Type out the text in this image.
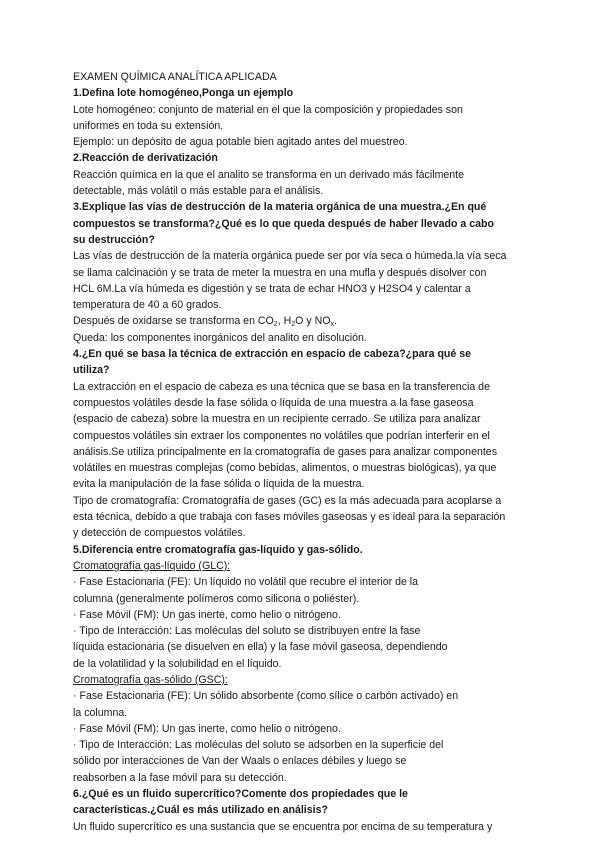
EXAMEN QUÍMICA ANALÍTICA APLICADA
1.Defina lote homogéneo,Ponga un ejemplo
Lote homogéneo: conjunto de material en el que la composición y propiedades son
uniformes en toda su extensión.
Ejemplo: un depósito de agua potable bien agitado antes del muestreo.
2.Reacción de derivatización
Reacción química en la que el analito se transforma en un derivado más fácilmente
detectable, más volátil o más estable para el análisis.
3.Explique las vías de destrucción de la materia orgánica de una muestra.¿En qué
compuestos se transforma?¿Qué es lo que queda después de haber llevado a cabo
su destrucción?
Las vías de destrucción de la materia orgánica puede ser por vía seca o húmeda.la vía seca
se llama calcinación y se trata de meter la muestra en una mufla y después disolver con
HCL 6M.La vía húmeda es digestión y se trata de echar HNO3 y H2SO4 y calentar a
temperatura de 40 a 60 grados.
Después de oxidarse se transforma en $CO_2$, $H_2O$ y $NO_x$.
Queda: los componentes inorgánicos del analito en disolución.
4.¿En qué se basa la técnica de extracción en espacio de cabeza?¿para qué se
utiliza?
La extracción en el espacio de cabeza es una técnica que se basa en la transferencia de
compuestos volátiles desde la fase sólida o líquida de una muestra a la fase gaseosa
(espacio de cabeza) sobre la muestra en un recipiente cerrado. Se utiliza para analizar
compuestos volátiles sin extraer los componentes no volátiles que podrían interferir en el
análisis.Se utiliza principalmente en la cromatografía de gases para analizar componentes
volátiles en muestras complejas (como bebidas, alimentos, o muestras biológicas), ya que
evita la manipulación de la fase sólida o líquida de la muestra.
Tipo de cromatografía: Cromatografía de gases (GC) es la más adecuada para acoplarse a
esta técnica, debido a que trabaja con fases móviles gaseosas y es ideal para la separación
y detección de compuestos volátiles.
5.Diferencia entre cromatografía gas-líquido y gas-sólido.
Cromatografía gas-líquido (GLC):
· Fase Estacionaria (FE): Un líquido no volátil que recubre el interior de la
columna (generalmente polímeros como silicona o poliéster).
· Fase Móvil (FM): Un gas inerte, como helio o nitrógeno.
· Tipo de Interacción: Las moléculas del soluto se distribuyen entre la fase
líquida estacionaria (se disuelven en ella) y la fase móvil gaseosa, dependiendo
de la volatilidad y la solubilidad en el líquido.
Cromatografía gas-sólido (GSC):
· Fase Estacionaria (FE): Un sólido absorbente (como sílice o carbón activado) en
la columna.
· Fase Móvil (FM): Un gas inerte, como helio o nitrógeno.
· Tipo de Interacción: Las moléculas del soluto se adsorben en la superficie del
sólido por interacciones de Van der Waals o enlaces débiles y luego se
reabsorben a la fase móvil para su detección.
6.¿Qué es un fluido supercrítico?Comente dos propiedades que le
características.¿Cuál es más utilizado en análisis?
Un fluido supercrítico es una sustancia que se encuentra por encima de su temperatura y
